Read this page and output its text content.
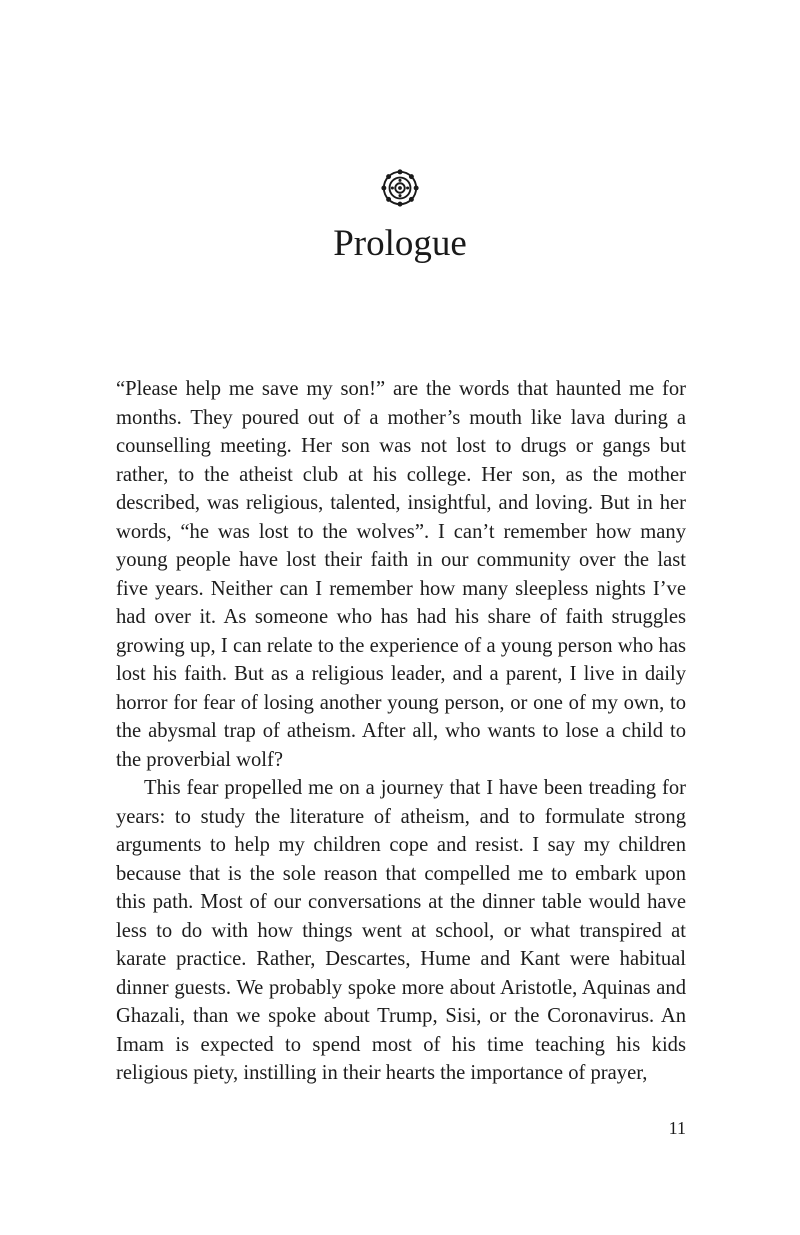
Prologue

“Please help me save my son!” are the words that haunted me for months. They poured out of a mother’s mouth like lava during a counselling meeting. Her son was not lost to drugs or gangs but rather, to the atheist club at his college. Her son, as the mother described, was religious, talented, insightful, and loving. But in her words, “he was lost to the wolves”. I can’t remember how many young people have lost their faith in our community over the last five years. Neither can I remember how many sleepless nights I’ve had over it. As someone who has had his share of faith struggles growing up, I can relate to the experience of a young person who has lost his faith. But as a religious leader, and a parent, I live in daily horror for fear of losing another young person, or one of my own, to the abysmal trap of atheism. After all, who wants to lose a child to the proverbial wolf?

This fear propelled me on a journey that I have been treading for years: to study the literature of atheism, and to formulate strong arguments to help my children cope and resist. I say my children because that is the sole reason that compelled me to embark upon this path. Most of our conversations at the dinner table would have less to do with how things went at school, or what transpired at karate practice. Rather, Descartes, Hume and Kant were habitual dinner guests. We probably spoke more about Aristotle, Aquinas and Ghazali, than we spoke about Trump, Sisi, or the Coronavirus. An Imam is expected to spend most of his time teaching his kids religious piety, instilling in their hearts the importance of prayer,

11
